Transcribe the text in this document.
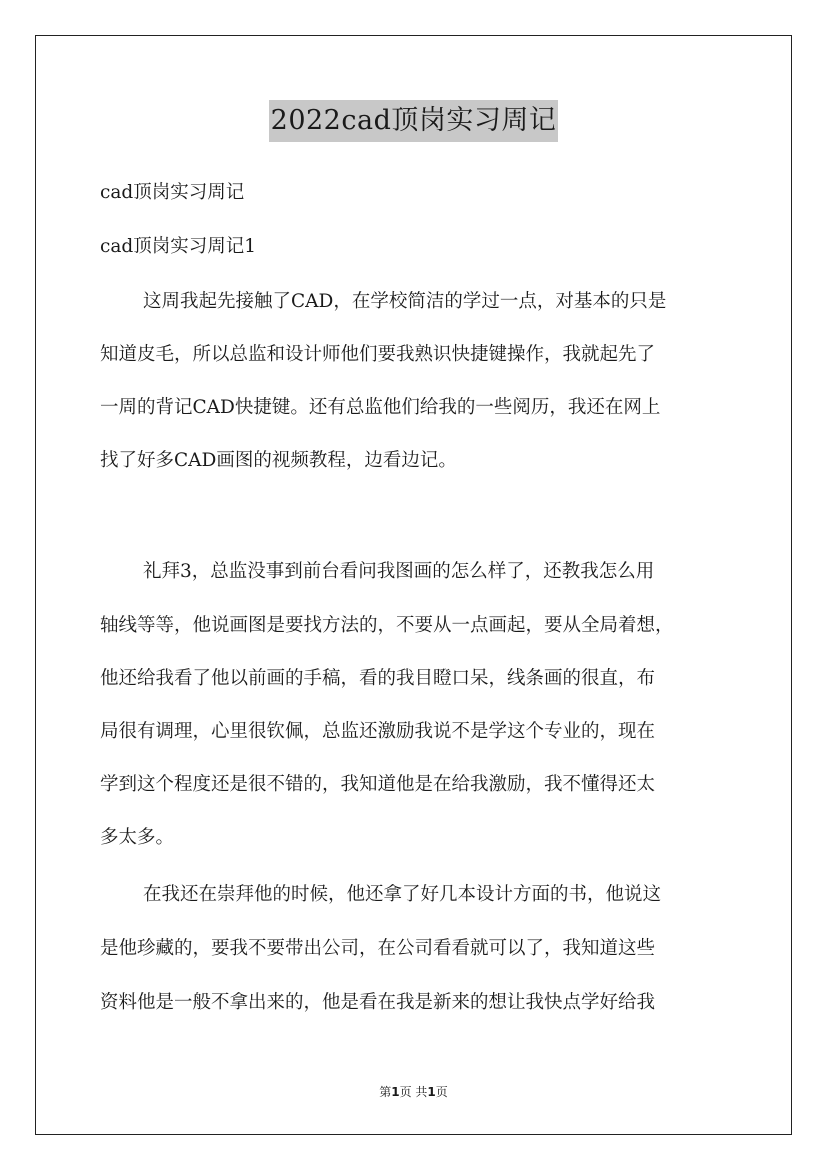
2022cad顶岗实习周记
cad顶岗实习周记
cad顶岗实习周记1
这周我起先接触了CAD，在学校简洁的学过一点，对基本的只是
知道皮毛，所以总监和设计师他们要我熟识快捷键操作，我就起先了
一周的背记CAD快捷键。还有总监他们给我的一些阅历，我还在网上
找了好多CAD画图的视频教程，边看边记。
礼拜3，总监没事到前台看问我图画的怎么样了，还教我怎么用
轴线等等，他说画图是要找方法的，不要从一点画起，要从全局着想，
他还给我看了他以前画的手稿，看的我目瞪口呆，线条画的很直，布
局很有调理，心里很钦佩，总监还激励我说不是学这个专业的，现在
学到这个程度还是很不错的，我知道他是在给我激励，我不懂得还太
多太多。
在我还在崇拜他的时候，他还拿了好几本设计方面的书，他说这
是他珍藏的，要我不要带出公司，在公司看看就可以了，我知道这些
资料他是一般不拿出来的，他是看在我是新来的想让我快点学好给我
第1页 共1页
